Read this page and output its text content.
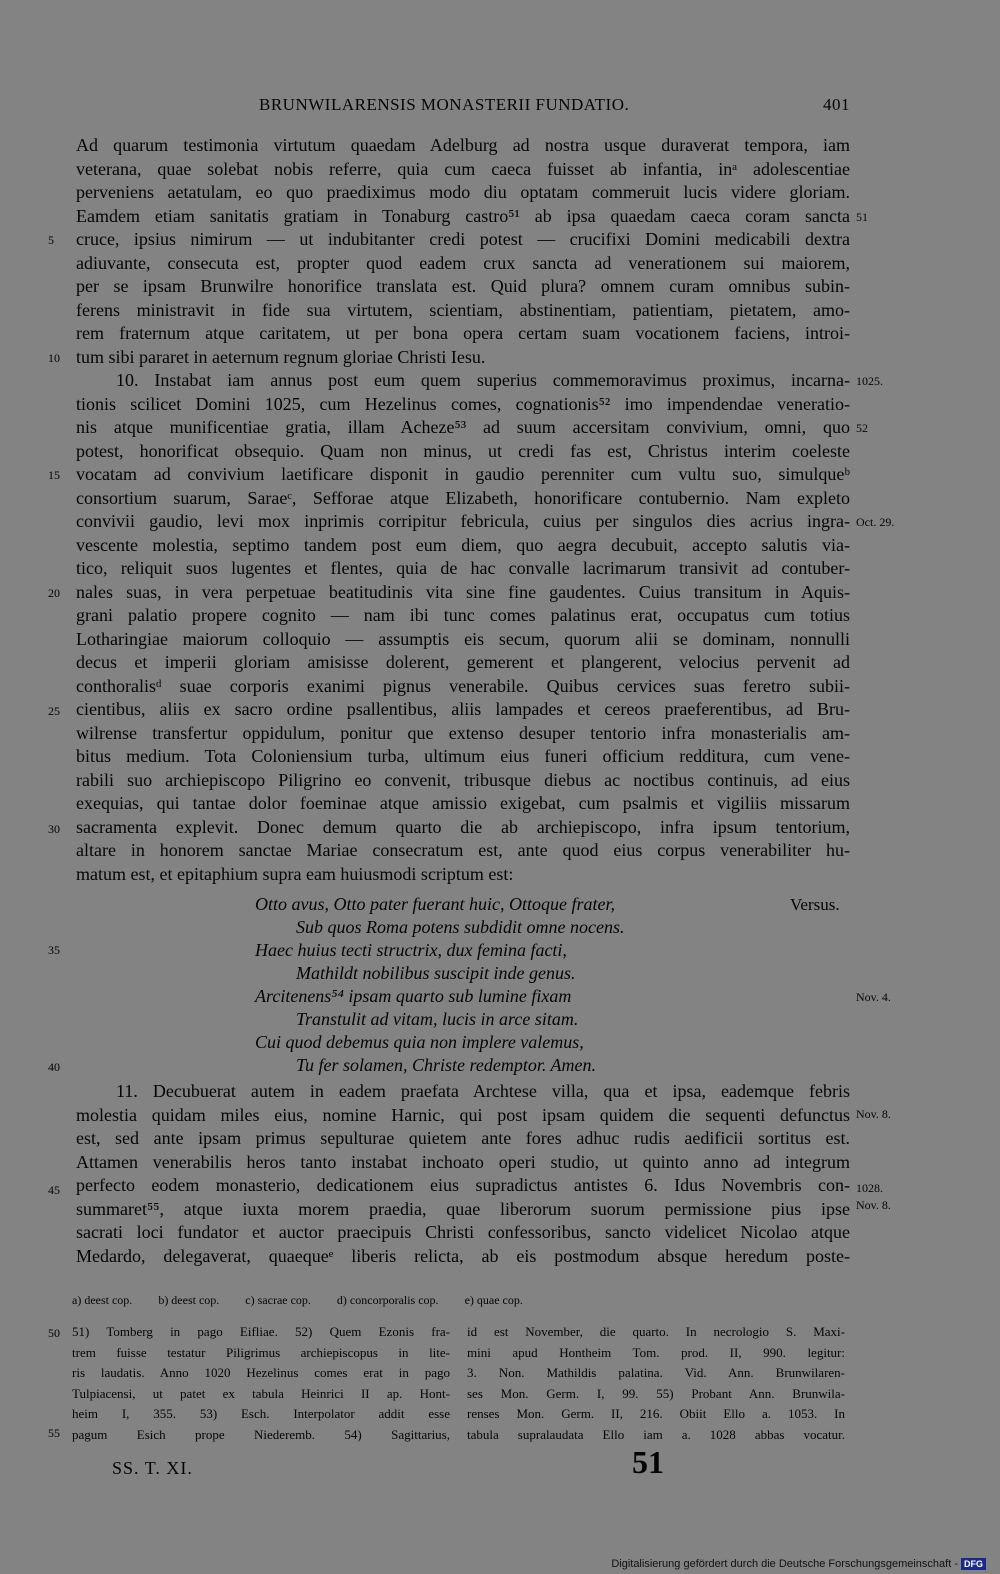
BRUNWILARENSIS MONASTERII FUNDATIO.	401
Ad quarum testimonia virtutum quaedam Adelburg ad nostra usque duraverat tempora, iam
veterana, quae solebat nobis referre, quia cum caeca fuisset ab infantia, inᵃ adolescentiae
perveniens aetatulam, eo quo praediximus modo diu optatam commeruit lucis videre gloriam.
Eamdem etiam sanitatis gratiam in Tonaburg castro⁵¹ ab ipsa quaedam caeca coram sancta
cruce, ipsius nimirum — ut indubitanter credi potest — crucifixi Domini medicabili dextra
adiuvante, consecuta est, propter quod eadem crux sancta ad venerationem sui maiorem,
per se ipsam Brunwilre honorifice translata est. Quid plura? omnem curam omnibus subin-
ferens ministravit in fide sua virtutem, scientiam, abstinentiam, patientiam, pietatem, amo-
rem fraternum atque caritatem, ut per bona opera certam suam vocationem faciens, introi-
tum sibi pararet in aeternum regnum gloriae Christi Iesu.
10. Instabat iam annus post eum quem superius commemoravimus proximus, incarna-
tionis scilicet Domini 1025, cum Hezelinus comes, cognationis⁵² imo impendendae veneratio-
nis atque munificentiae gratia, illam Acheze⁵³ ad suum accersitam convivium, omni, quo
potest, honorificat obsequio. Quam non minus, ut credi fas est, Christus interim coeleste
vocatam ad convivium laetificare disponit in gaudio perenniter cum vultu suo, simulqueᵇ
consortium suarum, Saraeᶜ, Sefforae atque Elizabeth, honorificare contubernio. Nam expleto
convivii gaudio, levi mox inprimis corripitur febricula, cuius per singulos dies acrius ingra-
vescente molestia, septimo tandem post eum diem, quo aegra decubuit, accepto salutis via-
tico, reliquit suos lugentes et flentes, quia de hac convalle lacrimarum transivit ad contuber-
nales suas, in vera perpetuae beatitudinis vita sine fine gaudentes. Cuius transitum in Aquis-
grani palatio propere cognito — nam ibi tunc comes palatinus erat, occupatus cum totius
Lotharingiae maiorum colloquio — assumptis eis secum, quorum alii se dominam, nonnulli
decus et imperii gloriam amisisse dolerent, gemerent et plangerent, velocius pervenit ad
conthoralisᵈ suae corporis exanimi pignus venerabile. Quibus cervices suas feretro subii-
cientibus, aliis ex sacro ordine psallentibus, aliis lampades et cereos praeferentibus, ad Bru-
wilrense transfertur oppidulum, ponitur que extenso desuper tentorio infra monasterialis am-
bitus medium. Tota Coloniensium turba, ultimum eius funeri officium redditura, cum vene-
rabili suo archiepiscopo Piligrino eo convenit, tribusque diebus ac noctibus continuis, ad eius
exequias, qui tantae dolor foeminae atque amissio exigebat, cum psalmis et vigiliis missarum
sacramenta explevit. Donec demum quarto die ab archiepiscopo, infra ipsum tentorium,
altare in honorem sanctae Mariae consecratum est, ante quod eius corpus venerabiliter hu-
matum est, et epitaphium supra eam huiusmodi scriptum est:
Otto avus, Otto pater fuerant huic, Ottoque frater,
Sub quos Roma potens subdidit omne nocens.
Haec huius tecti structrix, dux femina facti,
Mathildt nobilibus suscipit inde genus.
Arcitenens⁵⁴ ipsam quarto sub lumine fixam
Transtulit ad vitam, lucis in arce sitam.
Cui quod debemus quia non implere valemus,
Tu fer solamen, Christe redemptor. Amen.
Versus.
11. Decubuerat autem in eadem praefata Archtese villa, qua et ipsa, eademque febris
molestia quidam miles eius, nomine Harnic, qui post ipsam quidem die sequenti defunctus
est, sed ante ipsam primus sepulturae quietem ante fores adhuc rudis aedificii sortitus est.
Attamen venerabilis heros tanto instabat inchoato operi studio, ut quinto anno ad integrum
perfecto eodem monasterio, dedicationem eius supradictus antistes 6. Idus Novembris con-
summaret⁵⁵, atque iuxta morem praedia, quae liberorum suorum permissione pius ipse
sacrati loci fundator et auctor praecipuis Christi confessoribus, sancto videlicet Nicolao atque
Medardo, delegaverat, quaequeᵉ liberis relicta, ab eis postmodum absque heredum poste-
5
10
15
20
25
30
35
40
45
50
55
51
1025.
52
Oct. 29.
Nov. 4.
Nov. 8.
1028.
Nov. 8.
a) deest cop. b) deest cop. c) sacrae cop. d) concorporalis cop. e) quae cop.
51) Tomberg in pago Eifliae. 52) Quem Ezonis fra-
trem fuisse testatur Piligrimus archiepiscopus in lite-
ris laudatis. Anno 1020 Hezelinus comes erat in pago
Tulpiacensi, ut patet ex tabula Heinrici II ap. Hont-
heim I, 355. 53) Esch. Interpolator addit esse
pagum Esich prope Niederemb. 54) Sagittarius,
id est November, die quarto. In necrologio S. Maxi-
mini apud Hontheim Tom. prod. II, 990. legitur:
3. Non. Mathildis palatina. Vid. Ann. Brunwilaren-
ses Mon. Germ. I, 99. 55) Probant Ann. Brunwila-
renses Mon. Germ. II, 216. Obiit Ello a. 1053. In
tabula supralaudata Ello iam a. 1028 abbas vocatur.
SS. T. XI.	51
Digitalisierung gefördert durch die Deutsche Forschungsgemeinschaft - DFG
